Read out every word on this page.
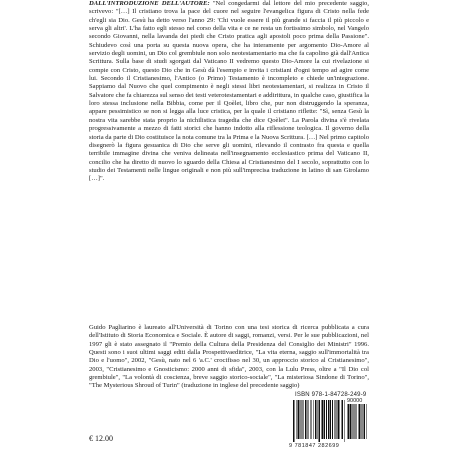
DALL'INTRODUZIONE DELL'AUTORE: "Nel congedarmi dal lettore del mio precedente saggio, scrivevo: "[…] Il cristiano trova la pace del cuore nel seguire l'evangelica figura di Cristo nella fede ch'egli sia Dio. Gesù ha detto verso l'anno 29: 'Chi vuole essere il più grande si faccia il più piccolo e serva gli altri'. L'ha fatto egli stesso nel corso della vita e ce ne resta un fortissimo simbolo, nel Vangelo secondo Giovanni, nella lavanda dei piedi che Cristo pratica agli apostoli poco prima della Passione". Schiudevo così una porta su questa nuova opera, che ha interamente per argomento Dio-Amore al servizio degli uomini, un Dio col grembiule non solo neotestamentario ma che fa capolino già dall'Antica Scrittura. Sulla base di studi sgorgati dal Vaticano II vedremo questo Dio-Amore la cui rivelazione si compie con Cristo, questo Dio che in Gesù dà l'esempio e invita i cristiani d'ogni tempo ad agire come lui. Secondo il Cristianesimo, l'Antico (o Primo) Testamento è incompleto e chiede un'integrazione. Sappiamo dal Nuovo che quel compimento è negli stessi libri neotestamentari, si realizza in Cristo il Salvatore che fa chiarezza sul senso dei testi veterotestamentari e addirittura, in qualche caso, giustifica la loro stessa inclusione nella Bibbia, come per il Qoèlet, libro che, pur non distruggendo la speranza, appare pessimistico se non si legga alla luce cristica, per la quale il cristiano riflette: "Sì, senza Gesù la nostra vita sarebbe stata proprio la nichilistica tragedia che dice Qoèlet". La Parola divina s'è rivelata progressivamente a mezzo di fatti storici che hanno indotto alla riflessione teologica. Il governo della storia da parte di Dio costituisce la nota comune tra la Prima e la Nuova Scrittura. […] Nel primo capitolo disegnerò la figura gesuanica di Dio che serve gli uomini, rilevando il contrasto fra questa e quella terribile immagine divina che veniva delineata nell'insegnamento ecclesiastico prima del Vaticano II, concilio che ha diretto di nuovo lo sguardo della Chiesa al Cristianesimo del I secolo, soprattutto con lo studio dei Testamenti nelle lingue originali e non più sull'imprecisa traduzione in latino di san Girolamo […]".
Guido Pagliarino è laureato all'Università di Torino con una tesi storica di ricerca pubblicata a cura dell'Istituto di Storia Economica e Sociale. È autore di saggi, romanzi, versi. Per le sue pubblicazioni, nel 1997 gli è stato assegnato il "Premio della Cultura della Presidenza del Consiglio dei Ministri" 1996. Questi sono i suoi ultimi saggi editi dalla Prospettivaeditrice, "La vita eterna, saggio sull'immortalità tra Dio e l'uomo", 2002, "Gesù, nato nel 6 'a.C.' crocifisso nel 30, un approccio storico al Cristianesimo", 2003, "Cristianesimo e Gnosticismo: 2000 anni di sfida", 2003, con la Lulu Press, oltre a "Il Dio col grembiule", "La volontà di coscienza, breve saggio storico-sociale", "La misteriosa Sindone di Torino", "The Mysterious Shroud of Turin" (traduzione in inglese del precedente saggio)
€ 12.00
ISBN 978-1-84728-249-9
90000
9 781847 282699
